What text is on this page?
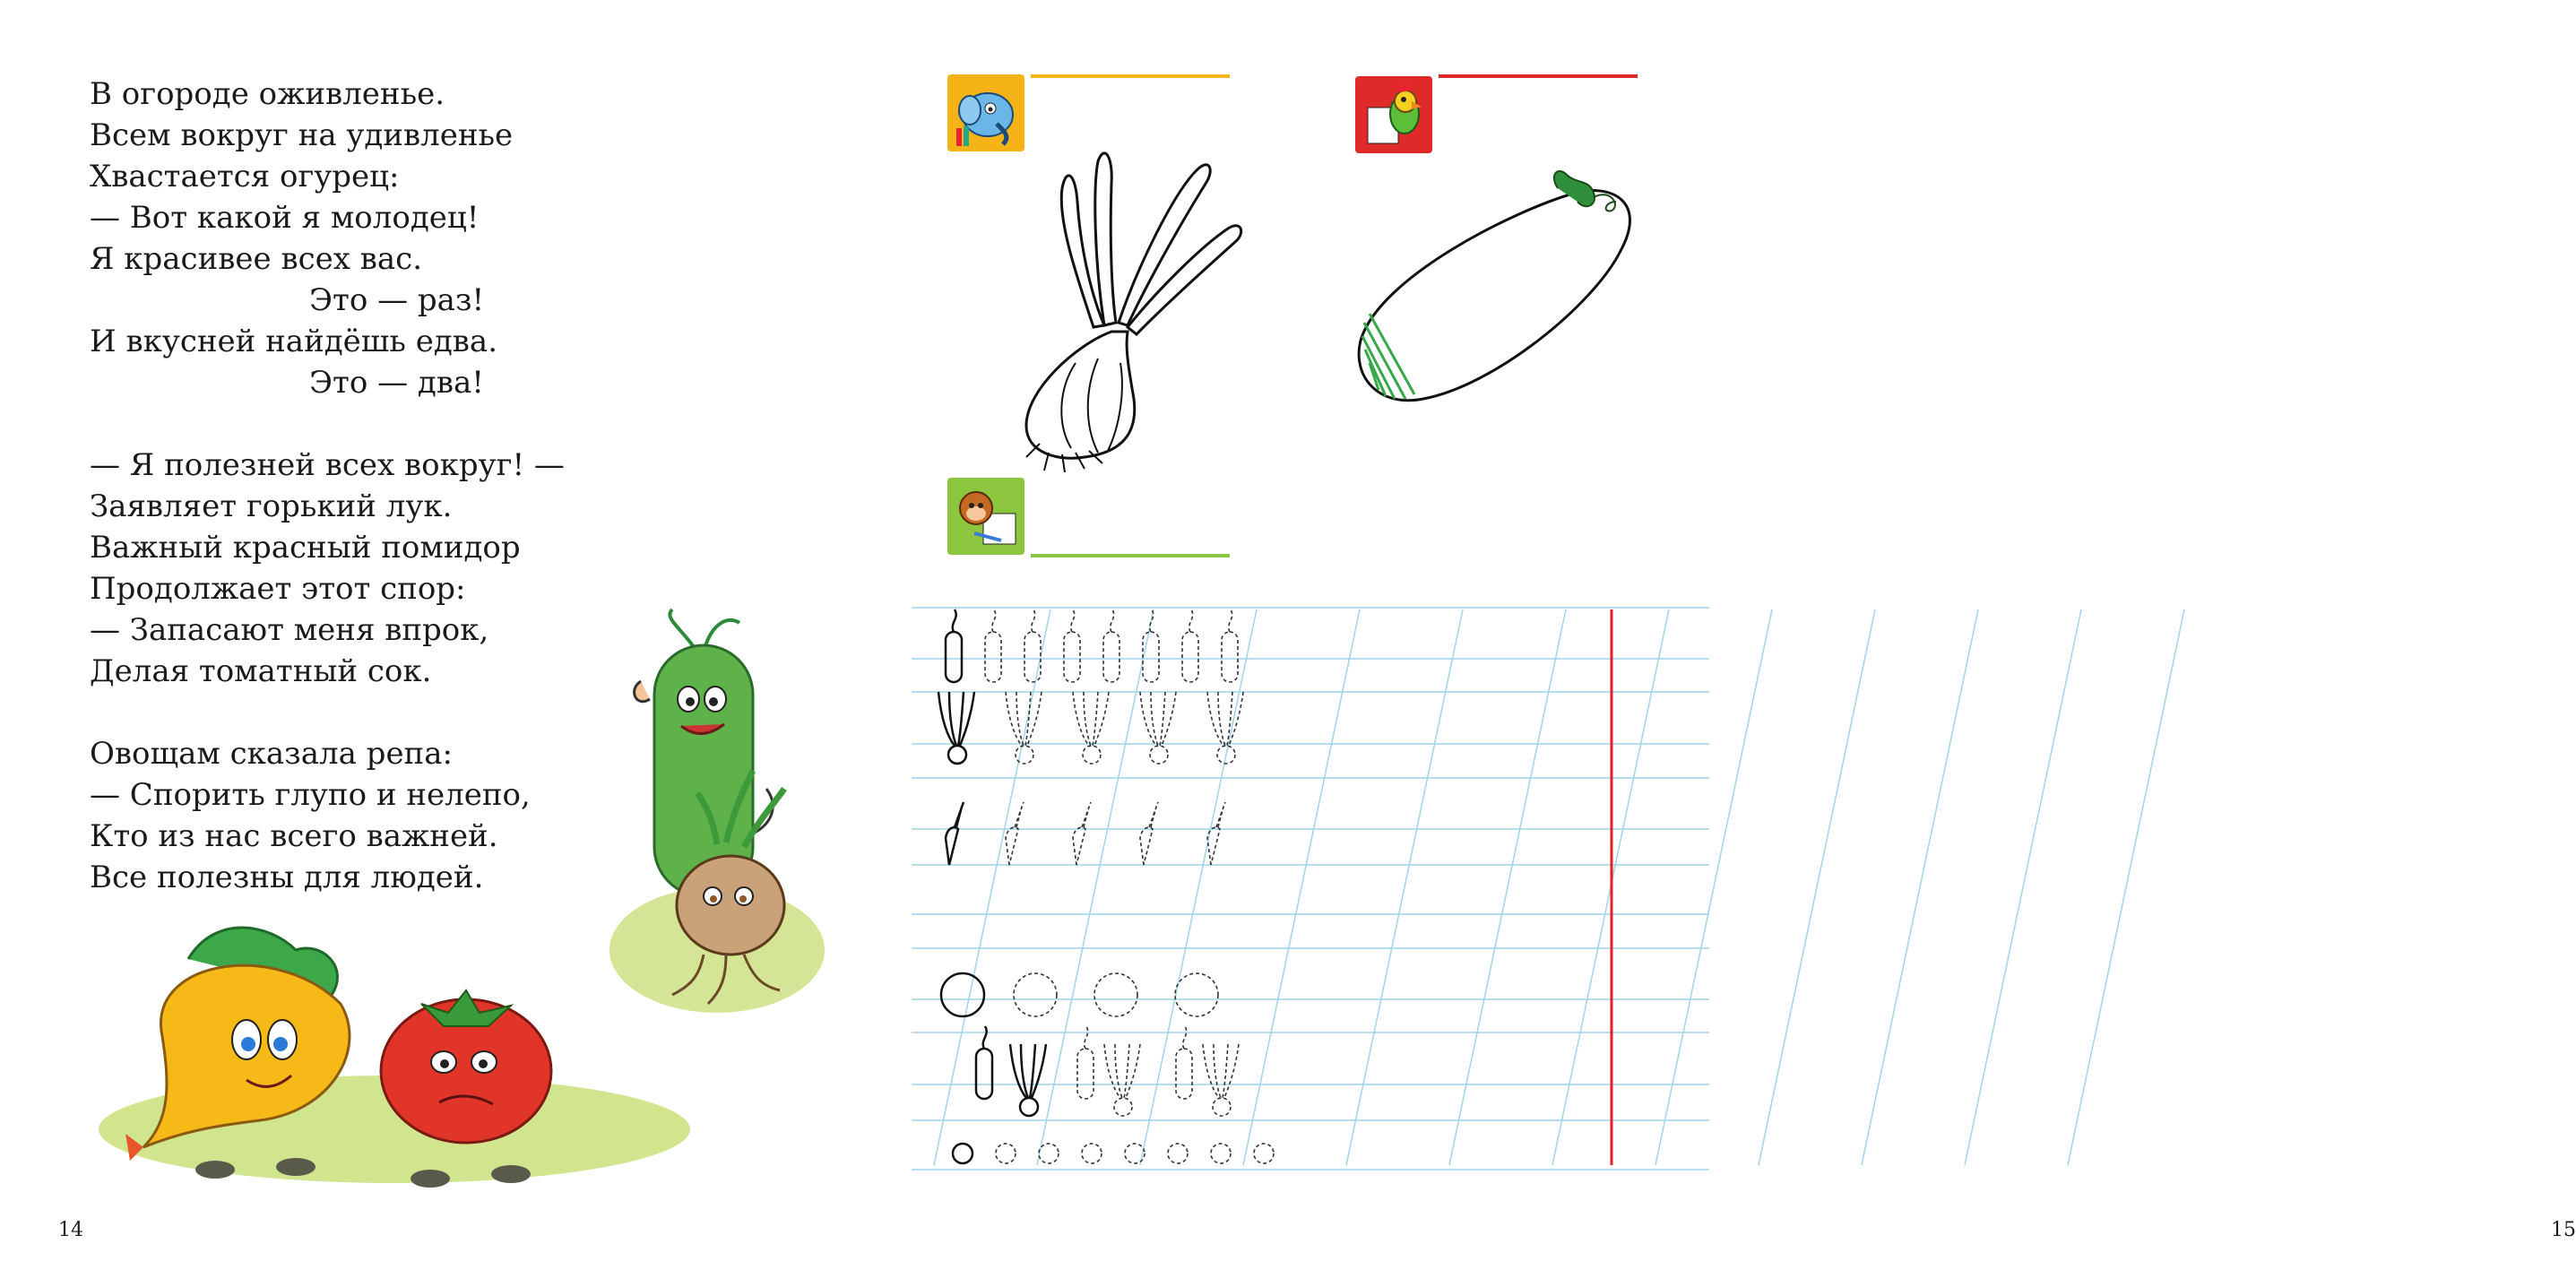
В огороде оживленье.
Всем вокруг на удивленье
Хвастается огурец:
— Вот какой я молодец!
Я красивее всех вас.
Это — раз!
И вкусней найдёшь едва.
Это — два!
— Я полезней всех вокруг! —
Заявляет горький лук.
Важный красный помидор
Продолжает этот спор:
— Запасают меня впрок,
Делая томатный сок.
Овощам сказала репа:
— Спорить глупо и нелепо,
Кто из нас всего важней.
Все полезны для людей.
14	15
